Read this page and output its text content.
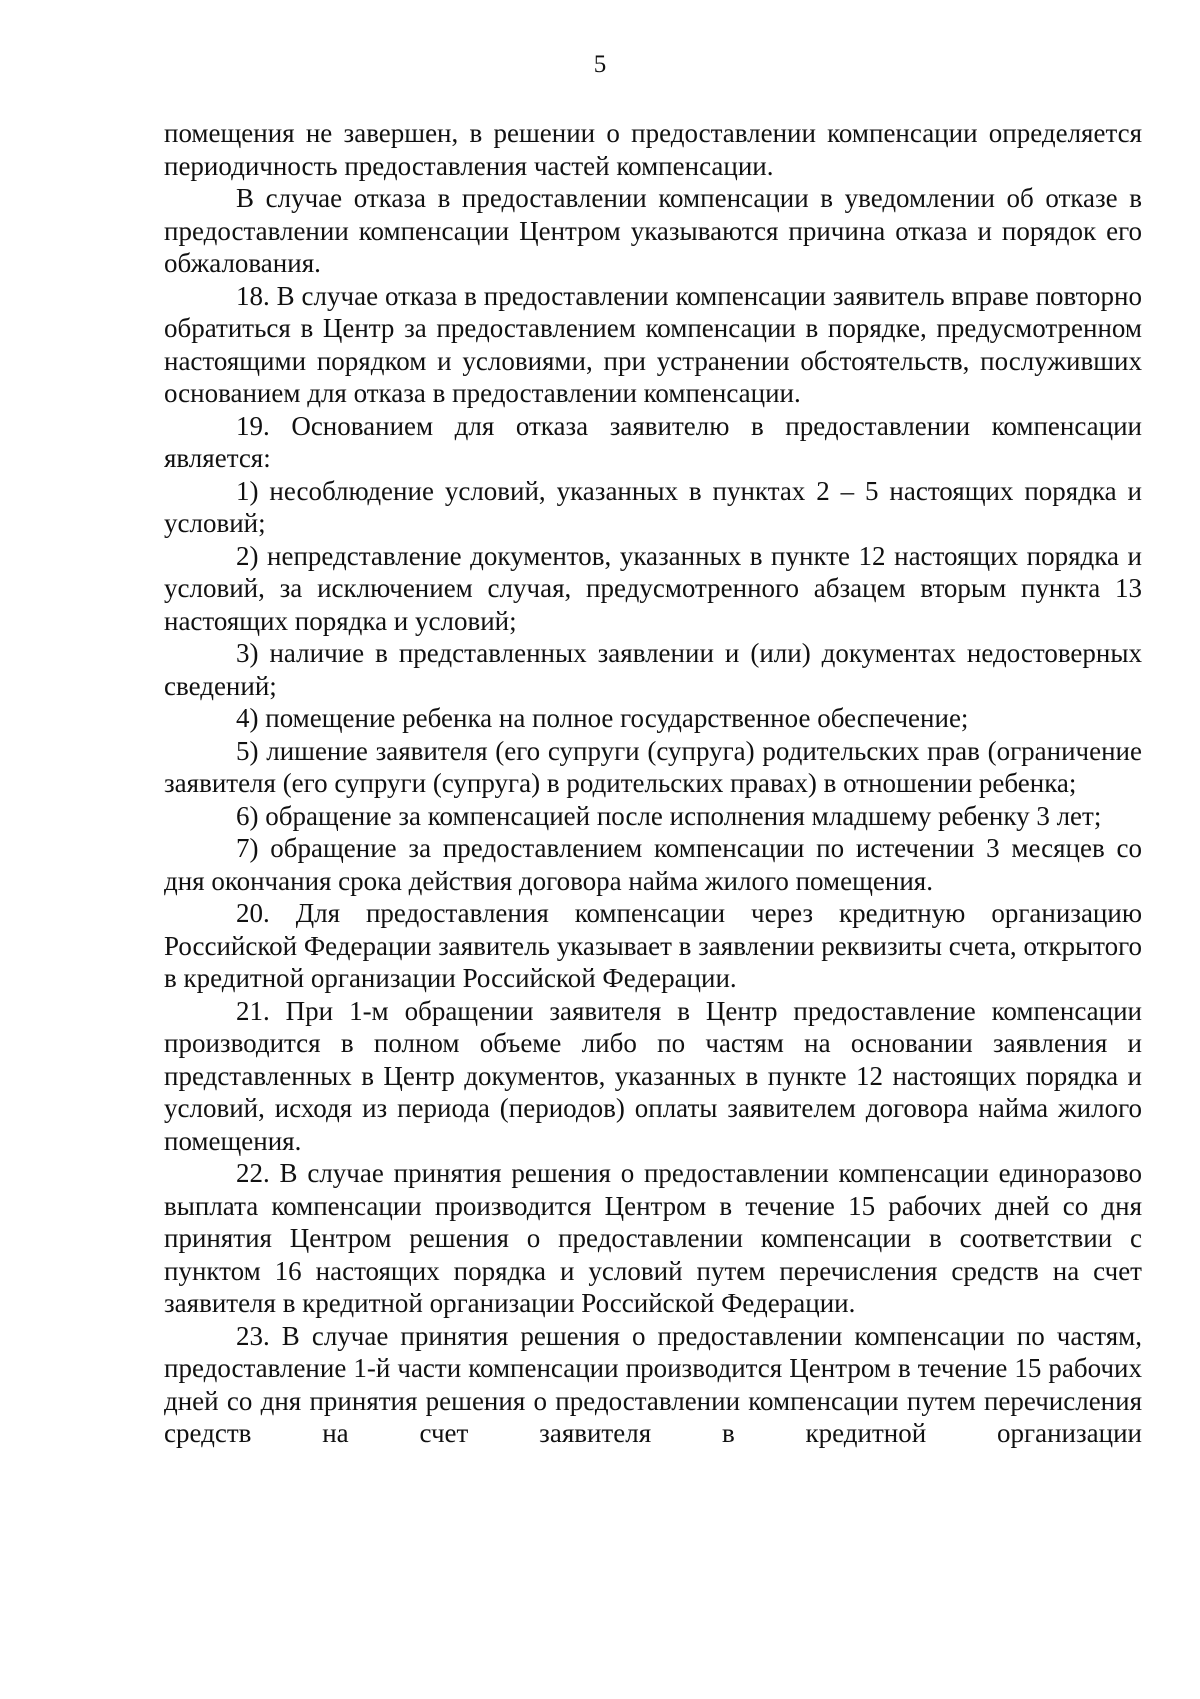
5

помещения не завершен, в решении о предоставлении компенсации определяется периодичность предоставления частей компенсации.

В случае отказа в предоставлении компенсации в уведомлении об отказе в предоставлении компенсации Центром указываются причина отказа и порядок его обжалования.

18. В случае отказа в предоставлении компенсации заявитель вправе повторно обратиться в Центр за предоставлением компенсации в порядке, предусмотренном настоящими порядком и условиями, при устранении обстоятельств, послуживших основанием для отказа в предоставлении компенсации.

19. Основанием для отказа заявителю в предоставлении компенсации является:

1) несоблюдение условий, указанных в пунктах 2 – 5 настоящих порядка и условий;

2) непредставление документов, указанных в пункте 12 настоящих порядка и условий, за исключением случая, предусмотренного абзацем вторым пункта 13 настоящих порядка и условий;

3) наличие в представленных заявлении и (или) документах недостоверных сведений;

4) помещение ребенка на полное государственное обеспечение;

5) лишение заявителя (его супруги (супруга) родительских прав (ограничение заявителя (его супруги (супруга) в родительских правах) в отношении ребенка;

6) обращение за компенсацией после исполнения младшему ребенку 3 лет;

7) обращение за предоставлением компенсации по истечении 3 месяцев со дня окончания срока действия договора найма жилого помещения.

20. Для предоставления компенсации через кредитную организацию Российской Федерации заявитель указывает в заявлении реквизиты счета, открытого в кредитной организации Российской Федерации.

21. При 1-м обращении заявителя в Центр предоставление компенсации производится в полном объеме либо по частям на основании заявления и представленных в Центр документов, указанных в пункте 12 настоящих порядка и условий, исходя из периода (периодов) оплаты заявителем договора найма жилого помещения.

22. В случае принятия решения о предоставлении компенсации единоразово выплата компенсации производится Центром в течение 15 рабочих дней со дня принятия Центром решения о предоставлении компенсации в соответствии с пунктом 16 настоящих порядка и условий путем перечисления средств на счет заявителя в кредитной организации Российской Федерации.

23. В случае принятия решения о предоставлении компенсации по частям, предоставление 1-й части компенсации производится Центром в течение 15 рабочих дней со дня принятия решения о предоставлении компенсации путем перечисления средств на счет заявителя в кредитной организации
